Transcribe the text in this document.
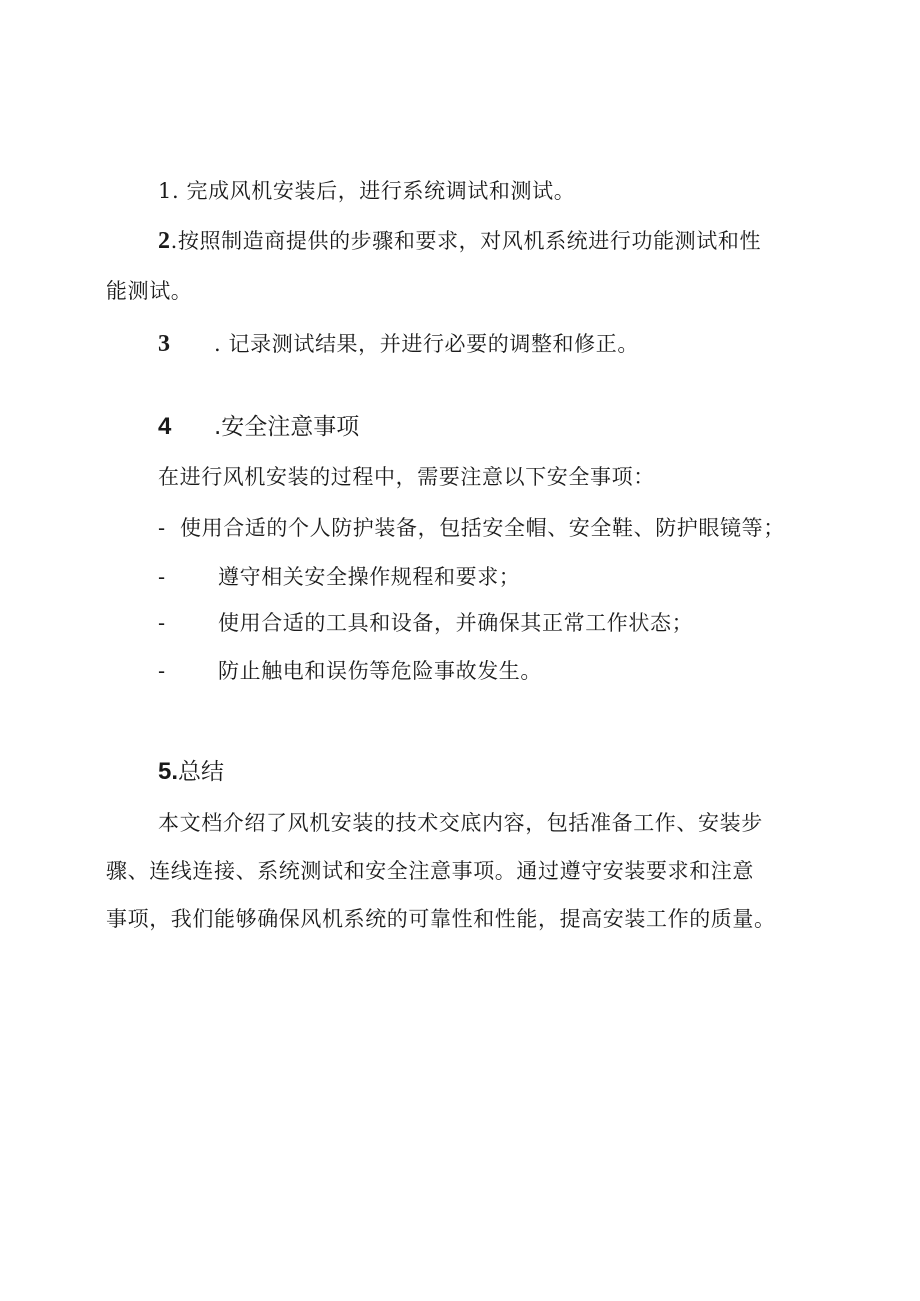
1. 完成风机安装后，进行系统调试和测试。

2.按照制造商提供的步骤和要求，对风机系统进行功能测试和性

能测试。

3 . 记录测试结果，并进行必要的调整和修正。

4 .安全注意事项

在进行风机安装的过程中，需要注意以下安全事项：

- 使用合适的个人防护装备，包括安全帽、安全鞋、防护眼镜等；

-	遵守相关安全操作规程和要求；

-	使用合适的工具和设备，并确保其正常工作状态；

-	防止触电和误伤等危险事故发生。

5.总结

本文档介绍了风机安装的技术交底内容，包括准备工作、安装步

骤、连线连接、系统测试和安全注意事项。通过遵守安装要求和注意

事项，我们能够确保风机系统的可靠性和性能，提高安装工作的质量。
